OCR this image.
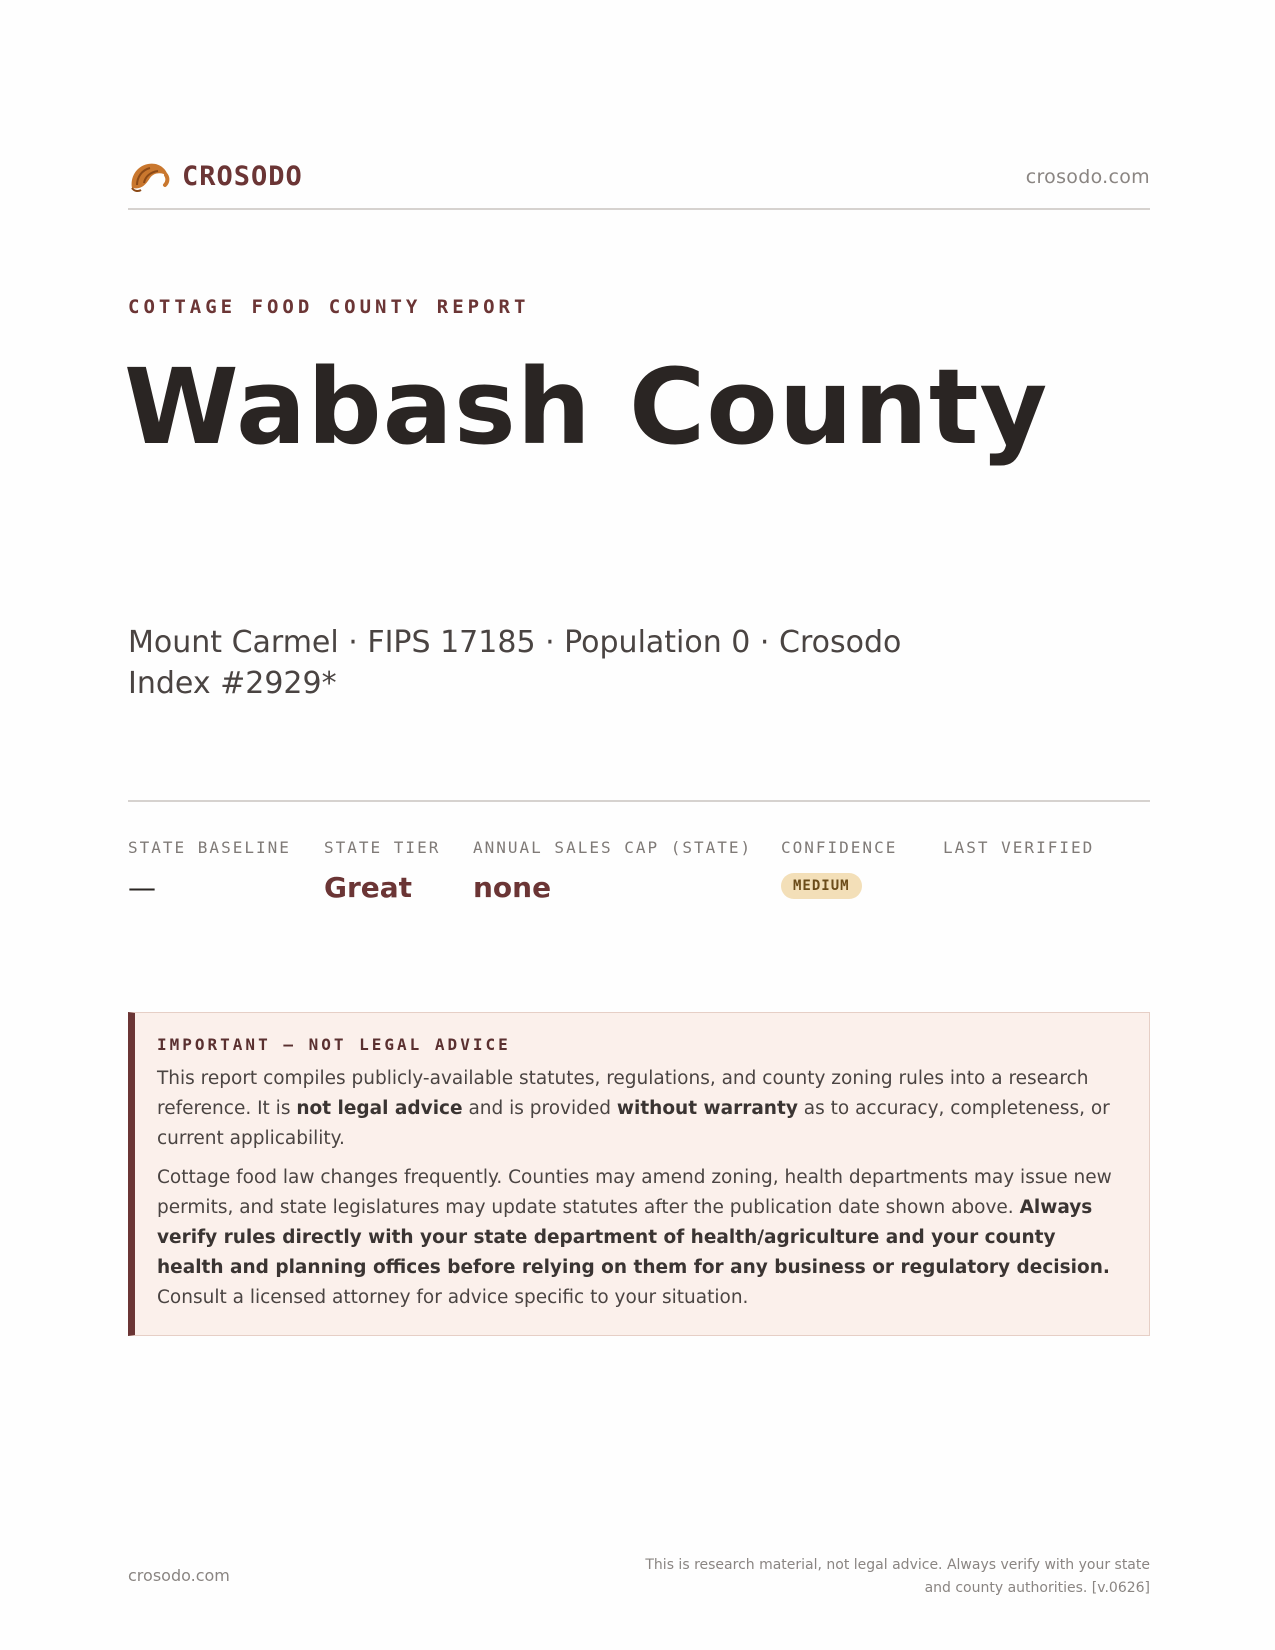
CROSODO	crosodo.com
COTTAGE FOOD COUNTY REPORT
Wabash County
Mount Carmel · FIPS 17185 · Population 0 · Crosodo Index #2929*
STATE BASELINE
—
STATE TIER
Great
ANNUAL SALES CAP (STATE)
none
CONFIDENCE
MEDIUM
LAST VERIFIED
IMPORTANT — NOT LEGAL ADVICE

This report compiles publicly-available statutes, regulations, and county zoning rules into a research reference. It is not legal advice and is provided without warranty as to accuracy, completeness, or current applicability.

Cottage food law changes frequently. Counties may amend zoning, health departments may issue new permits, and state legislatures may update statutes after the publication date shown above. Always verify rules directly with your state department of health/agriculture and your county health and planning offices before relying on them for any business or regulatory decision. Consult a licensed attorney for advice specific to your situation.

crosodo.com
This is research material, not legal advice. Always verify with your state
and county authorities. [v.0626]
